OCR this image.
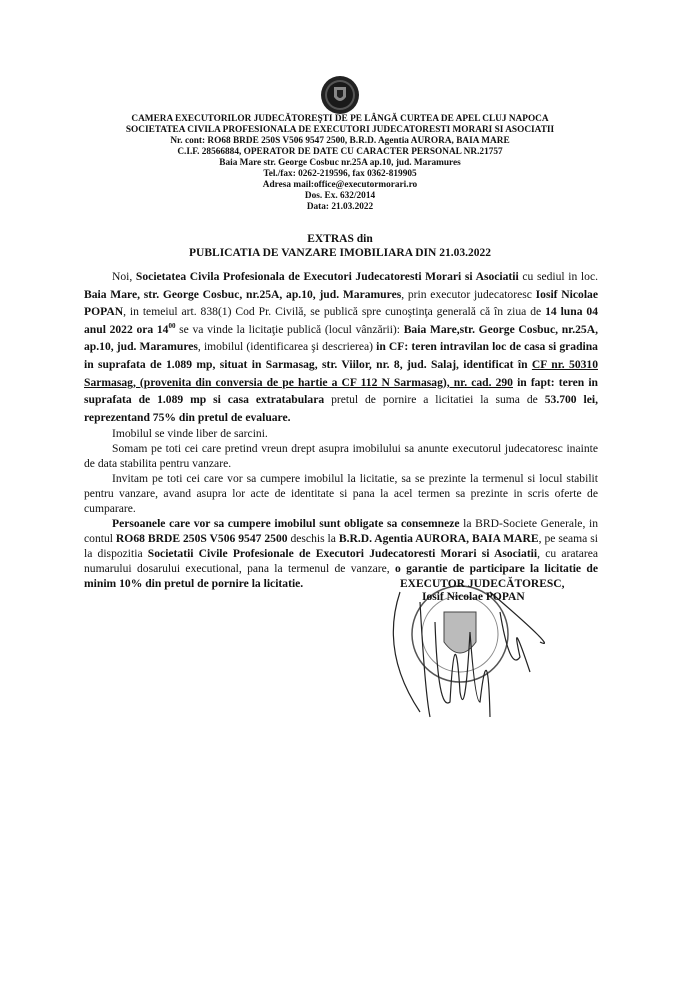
CAMERA EXECUTORILOR JUDECĂTOREŞTI DE PE LÂNGĂ CURTEA DE APEL CLUJ NAPOCA
SOCIETATEA CIVILA PROFESIONALA DE EXECUTORI JUDECATORESTI MORARI SI ASOCIATII
Nr. cont: RO68 BRDE 250S V506 9547 2500, B.R.D. Agentia AURORA, BAIA MARE
C.I.F. 28566884, OPERATOR DE DATE CU CARACTER PERSONAL NR.21757
Baia Mare str. George Cosbuc nr.25A ap.10, jud. Maramures
Tel./fax: 0262-219596, fax 0362-819905
Adresa mail:office@executormorari.ro
Dos. Ex. 632/2014
Data: 21.03.2022
EXTRAS din
PUBLICATIA DE VANZARE IMOBILIARA DIN 21.03.2022

Noi, Societatea Civila Profesionala de Executori Judecatoresti Morari si Asociatii cu sediul in loc. Baia Mare, str. George Cosbuc, nr.25A, ap.10, jud. Maramures, prin executor judecatoresc Iosif Nicolae POPAN, in temeiul art. 838(1) Cod Pr. Civilă, se publică spre cunoştinţa generală că în ziua de 14 luna 04 anul 2022 ora $14^{00}$ se va vinde la licitaţie publică (locul vânzării): Baia Mare,str. George Cosbuc, nr.25A, ap.10, jud. Maramures, imobilul (identificarea şi descrierea) in CF: teren intravilan loc de casa si gradina in suprafata de 1.089 mp, situat in Sarmasag, str. Viilor, nr. 8, jud. Salaj, identificat în CF nr. 50310 Sarmasag, (provenita din conversia de pe hartie a CF 112 N Sarmasag), nr. cad. 290 in fapt: teren in suprafata de 1.089 mp si casa extratabulara pretul de pornire a licitatiei la suma de 53.700 lei, reprezentand 75% din pretul de evaluare.

Imobilul se vinde liber de sarcini.

Somam pe toti cei care pretind vreun drept asupra imobilului sa anunte executorul judecatoresc inainte de data stabilita pentru vanzare.

Invitam pe toti cei care vor sa cumpere imobilul la licitatie, sa se prezinte la termenul si locul stabilit pentru vanzare, avand asupra lor acte de identitate si pana la acel termen sa prezinte in scris oferte de cumparare.

Persoanele care vor sa cumpere imobilul sunt obligate sa consemneze la BRD-Societe Generale, in contul RO68 BRDE 250S V506 9547 2500 deschis la B.R.D. Agentia AURORA, BAIA MARE, pe seama si la dispozitia Societatii Civile Profesionale de Executori Judecatoresti Morari si Asociatii, cu aratarea numarului dosarului executional, pana la termenul de vanzare, o garantie de participare la licitatie de minim 10% din pretul de pornire la licitatie.	EXECUTOR JUDECĂTORESC,
Iosif Nicolae POPAN
